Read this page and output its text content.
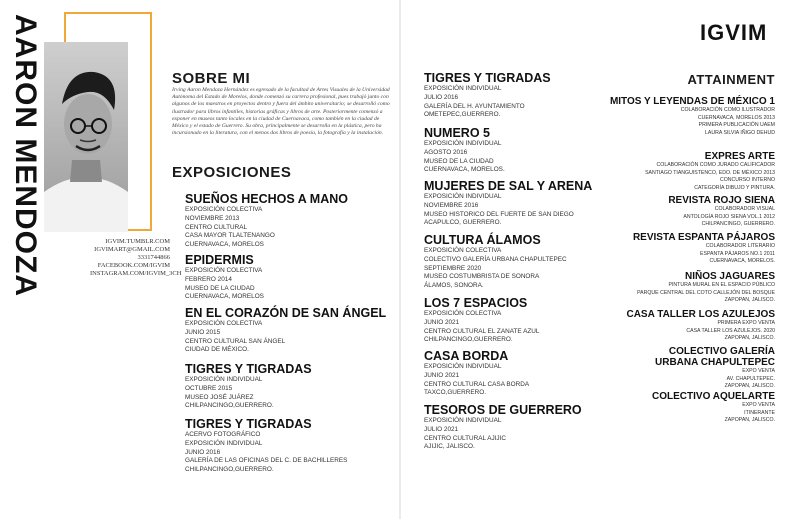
AARON MENDOZA	IGVIM.TUMBLR.COM
IGVIMART@GMAIL.COM
3331744866
FACEBOOK.COM/IGVIM
INSTAGRAM.COM/IGVIM_3CH
SOBRE MI

Irving Aaron Mendoza Hernández es egresado de la facultad de Artes Visuales de la Universidad Autónoma del Estado de Morelos, donde comenzó su carrera profesional, pues trabajó junto con algunos de los maestros en proyectos dentro y fuera del ámbito universitario; se desarrolló como ilustrador para libros infantiles, historias gráficas y libros de arte. Posteriormente comenzó a exponer en museos tanto locales en la ciudad de Cuernavaca, como también en la ciudad de México y el estado de Guerrero. Su obra, principalmente se desarrolla en la plástica, pero ha incursionado en la literatura, con el menos dos libros de poesía, la fotografía y la instalación.

EXPOSICIONES
SUEÑOS HECHOS A MANO
EXPOSICIÓN COLECTIVA
NOVIEMBRE 2013
CENTRO CULTURAL
CASA MAYOR TLALTENANGO
CUERNAVACA, MORELOS
EPIDERMIS
EXPOSICIÓN COLECTIVA
FEBRERO 2014
MUSEO DE LA CIUDAD
CUERNAVACA, MORELOS
EN EL CORAZÓN DE SAN ÁNGEL
EXPOSICIÓN COLECTIVA
JUNIO 2015
CENTRO CULTURAL SAN ÁNGEL
CIUDAD DE MÉXICO.
TIGRES Y TIGRADAS
EXPOSICIÓN INDIVIDUAL
OCTUBRE 2015
MUSEO JOSÉ JUÁREZ
CHILPANCINGO,GUERRERO.
TIGRES Y TIGRADAS
ACERVO FOTOGRÁFICO
EXPOSICIÓN INDIVIDUAL
JUNIO 2016
GALERÍA DE LAS OFICINAS DEL C. DE BACHILLERES
CHILPANCINGO,GUERRERO.
TIGRES Y TIGRADAS
EXPOSICIÓN INDIVIDUAL
JULIO 2016
GALERÍA DEL H. AYUNTAMIENTO
OMETEPEC,GUERRERO.
NUMERO 5
EXPOSICIÓN INDIVIDUAL
AGOSTO 2016
MUSEO DE LA CIUDAD
CUERNAVACA, MORELOS.
MUJERES DE SAL Y ARENA
EXPOSICIÓN INDIVIDUAL
NOVIEMBRE 2016
MUSEO HISTORICO DEL FUERTE DE SAN DIEGO
ACAPULCO, GUERRERO.
CULTURA ÁLAMOS
EXPOSICIÓN COLECTIVA
COLECTIVO GALERÍA URBANA CHAPULTEPEC
SEPTIEMBRE 2020
MUSEO COSTUMBRISTA DE SONORA
ÁLAMOS, SONORA.
LOS 7 ESPACIOS
EXPOSICIÓN COLECTIVA
JUNIO 2021
CENTRO CULTURAL EL ZANATE AZUL
CHILPANCINGO,GUERRERO.
CASA BORDA
EXPOSICIÓN INDIVIDUAL
JUNIO 2021
CENTRO CULTURAL CASA BORDA
TAXCO,GUERRERO.
TESOROS DE GUERRERO
EXPOSICIÓN INDIVIDUAL
JULIO 2021
CENTRO CULTURAL AJIJIC
AJIJIC, JALISCO.
IGVIM
ATTAINMENT
MITOS Y LEYENDAS DE MÉXICO 1
COLABORACIÓN COMO ILUSTRADOR
CUERNAVACA, MORELOS 2013
PRIMERA PUBLICACIÓN UAEM
LAURA SILVIA IÑIGO DEHUD
EXPRES ARTE
COLABORACIÓN COMO JURADO CALIFICADOR
SANTIAGO TIANGUISTENCO, EDO. DE MÉXICO 2013
CONCURSO INTERNO
CATEGORÍA DIBUJO Y PINTURA.
REVISTA ROJO SIENA
COLABORADOR VISUAL
ANTOLOGÍA ROJO SIENA VOL.1 2012
CHILPANCINGO, GUERRERO.
REVISTA ESPANTA PÁJAROS
COLABORADOR LITERARIO
ESPANTA PÁJAROS NO.1 2011
CUERNAVACA, MORELOS.
NIÑOS JAGUARES
PINTURA MURAL EN EL ESPACIO PÚBLICO
PARQUE CENTRAL DEL COTO CALLEJÓN DEL BOSQUE
ZAPOPAN, JALISCO.
CASA TALLER LOS AZULEJOS
PRIMERA EXPO VENTA
CASA TALLER LOS AZULEJOS. 2020
ZAPOPAN, JALISCO.
COLECTIVO GALERÍA URBANA CHAPULTEPEC
EXPO VENTA
AV. CHAPULTEPEC.
ZAPOPAN, JALISCO.
COLECTIVO AQUELARTE
EXPO VENTA
ITINERANTE
ZAPOPAN, JALISCO.
